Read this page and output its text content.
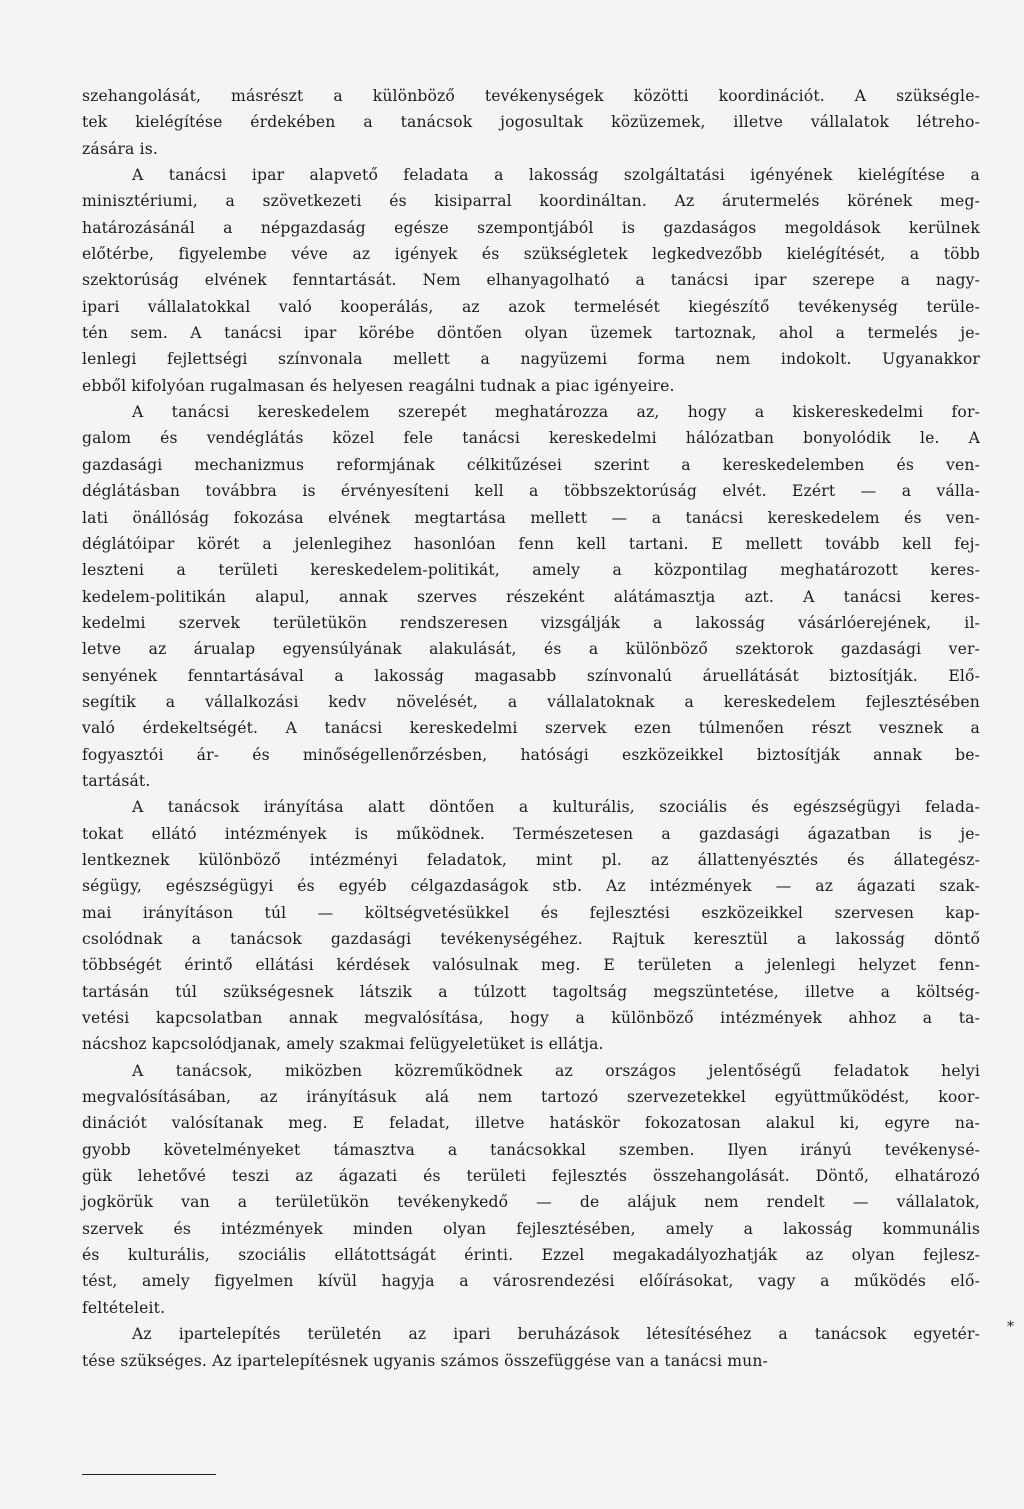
szehangolását, másrészt a különböző tevékenységek közötti koordinációt. A szükségle-
tek kielégítése érdekében a tanácsok jogosultak közüzemek, illetve vállalatok létreho-
zására is.
A tanácsi ipar alapvető feladata a lakosság szolgáltatási igényének kielégítése a
minisztériumi, a szövetkezeti és kisiparral koordináltan. Az árutermelés körének meg-
határozásánál a népgazdaság egésze szempontjából is gazdaságos megoldások kerülnek
előtérbe, figyelembe véve az igények és szükségletek legkedvezőbb kielégítését, a több
szektorúság elvének fenntartását. Nem elhanyagolható a tanácsi ipar szerepe a nagy-
ipari vállalatokkal való kooperálás, az azok termelését kiegészítő tevékenység terüle-
tén sem. A tanácsi ipar körébe döntően olyan üzemek tartoznak, ahol a termelés je-
lenlegi fejlettségi színvonala mellett a nagyüzemi forma nem indokolt. Ugyanakkor
ebből kifolyóan rugalmasan és helyesen reagálni tudnak a piac igényeire.
A tanácsi kereskedelem szerepét meghatározza az, hogy a kiskereskedelmi for-
galom és vendéglátás közel fele tanácsi kereskedelmi hálózatban bonyolódik le. A
gazdasági mechanizmus reformjának célkitűzései szerint a kereskedelemben és ven-
déglátásban továbbra is érvényesíteni kell a többszektorúság elvét. Ezért — a válla-
lati önállóság fokozása elvének megtartása mellett — a tanácsi kereskedelem és ven-
déglátóipar körét a jelenlegihez hasonlóan fenn kell tartani. E mellett tovább kell fej-
leszteni a területi kereskedelem-politikát, amely a központilag meghatározott keres-
kedelem-politikán alapul, annak szerves részeként alátámasztja azt. A tanácsi keres-
kedelmi szervek területükön rendszeresen vizsgálják a lakosság vásárlóerejének, il-
letve az árualap egyensúlyának alakulását, és a különböző szektorok gazdasági ver-
senyének fenntartásával a lakosság magasabb színvonalú áruellátását biztosítják. Elő-
segítik a vállalkozási kedv növelését, a vállalatoknak a kereskedelem fejlesztésében
való érdekeltségét. A tanácsi kereskedelmi szervek ezen túlmenően részt vesznek a
fogyasztói ár- és minőségellenőrzésben, hatósági eszközeikkel biztosítják annak be-
tartását.
A tanácsok irányítása alatt döntően a kulturális, szociális és egészségügyi felada-
tokat ellátó intézmények is működnek. Természetesen a gazdasági ágazatban is je-
lentkeznek különböző intézményi feladatok, mint pl. az állattenyésztés és állategész-
ségügy, egészségügyi és egyéb célgazdaságok stb. Az intézmények — az ágazati szak-
mai irányításon túl — költségvetésükkel és fejlesztési eszközeikkel szervesen kap-
csolódnak a tanácsok gazdasági tevékenységéhez. Rajtuk keresztül a lakosság döntő
többségét érintő ellátási kérdések valósulnak meg. E területen a jelenlegi helyzet fenn-
tartásán túl szükségesnek látszik a túlzott tagoltság megszüntetése, illetve a költség-
vetési kapcsolatban annak megvalósítása, hogy a különböző intézmények ahhoz a ta-
nácshoz kapcsolódjanak, amely szakmai felügyeletüket is ellátja.
A tanácsok, miközben közreműködnek az országos jelentőségű feladatok helyi
megvalósításában, az irányításuk alá nem tartozó szervezetekkel együttműködést, koor-
dinációt valósítanak meg. E feladat, illetve hatáskör fokozatosan alakul ki, egyre na-
gyobb követelményeket támasztva a tanácsokkal szemben. Ilyen irányú tevékenysé-
gük lehetővé teszi az ágazati és területi fejlesztés összehangolását. Döntő, elhatározó
jogkörük van a területükön tevékenykedő — de alájuk nem rendelt — vállalatok,
szervek és intézmények minden olyan fejlesztésében, amely a lakosság kommunális
és kulturális, szociális ellátottságát érinti. Ezzel megakadályozhatják az olyan fejlesz-
tést, amely figyelmen kívül hagyja a városrendezési előírásokat, vagy a működés elő-
feltételeit.
Az ipartelepítés területén az ipari beruházások létesítéséhez a tanácsok egyetér-
tése szükséges. Az ipartelepítésnek ugyanis számos összefüggése van a tanácsi mun-
*
